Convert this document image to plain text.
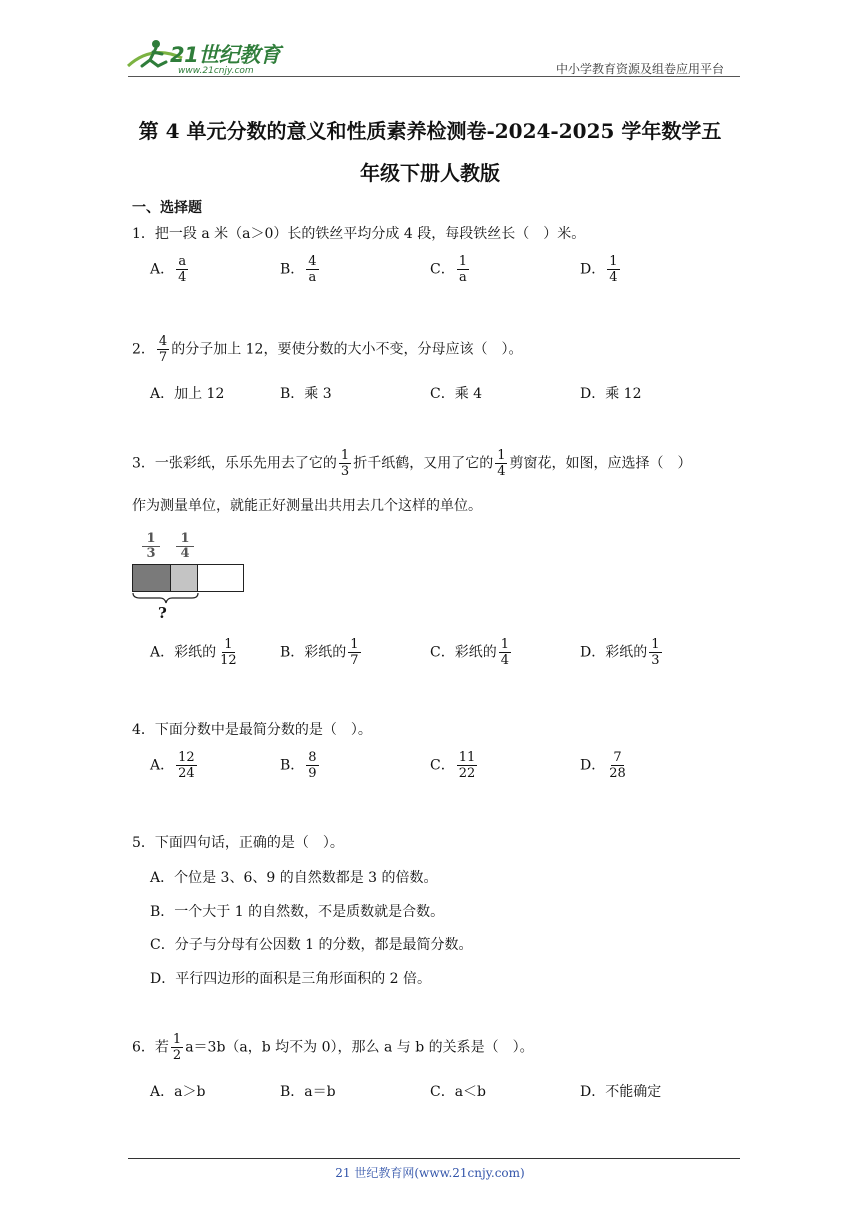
21世纪教育
www.21cnjy.com	中小学教育资源及组卷应用平台
第 4 单元分数的意义和性质素养检测卷-2024-2025 学年数学五
年级下册人教版
一、选择题
1．把一段 a 米（a＞0）长的铁丝平均分成 4 段，每段铁丝长（　）米。
A． $\frac{a}{4}$	B． $\frac{4}{a}$	C． $\frac{1}{a}$	D． $\frac{1}{4}$
2． $\frac{4}{7}$ 的分子加上 12，要使分数的大小不变，分母应该（　）。
A．加上 12	B．乘 3	C．乘 4	D．乘 12
3．一张彩纸，乐乐先用去了它的 $\frac{1}{3}$ 折千纸鹤，又用了它的 $\frac{1}{4}$ 剪窗花，如图，应选择（　）
作为测量单位，就能正好测量出共用去几个这样的单位。
1
3
1
4
?
A．彩纸的 $\frac{1}{12}$	B．彩纸的 $\frac{1}{7}$	C．彩纸的 $\frac{1}{4}$	D．彩纸的 $\frac{1}{3}$
4．下面分数中是最简分数的是（　）。
A． $\frac{12}{24}$	B． $\frac{8}{9}$	C． $\frac{11}{22}$	D． $\frac{7}{28}$
5．下面四句话，正确的是（　）。
A．个位是 3、6、9 的自然数都是 3 的倍数。
B．一个大于 1 的自然数，不是质数就是合数。
C．分子与分母有公因数 1 的分数，都是最简分数。
D．平行四边形的面积是三角形面积的 2 倍。
6．若 $\frac{1}{2} a=3b(a$，b 均不为 0），那么 a 与 b 的关系是（　）。
A．a＞b	B．a＝b	C．a＜b	D．不能确定
21 世纪教育网(www.21cnjy.com)
